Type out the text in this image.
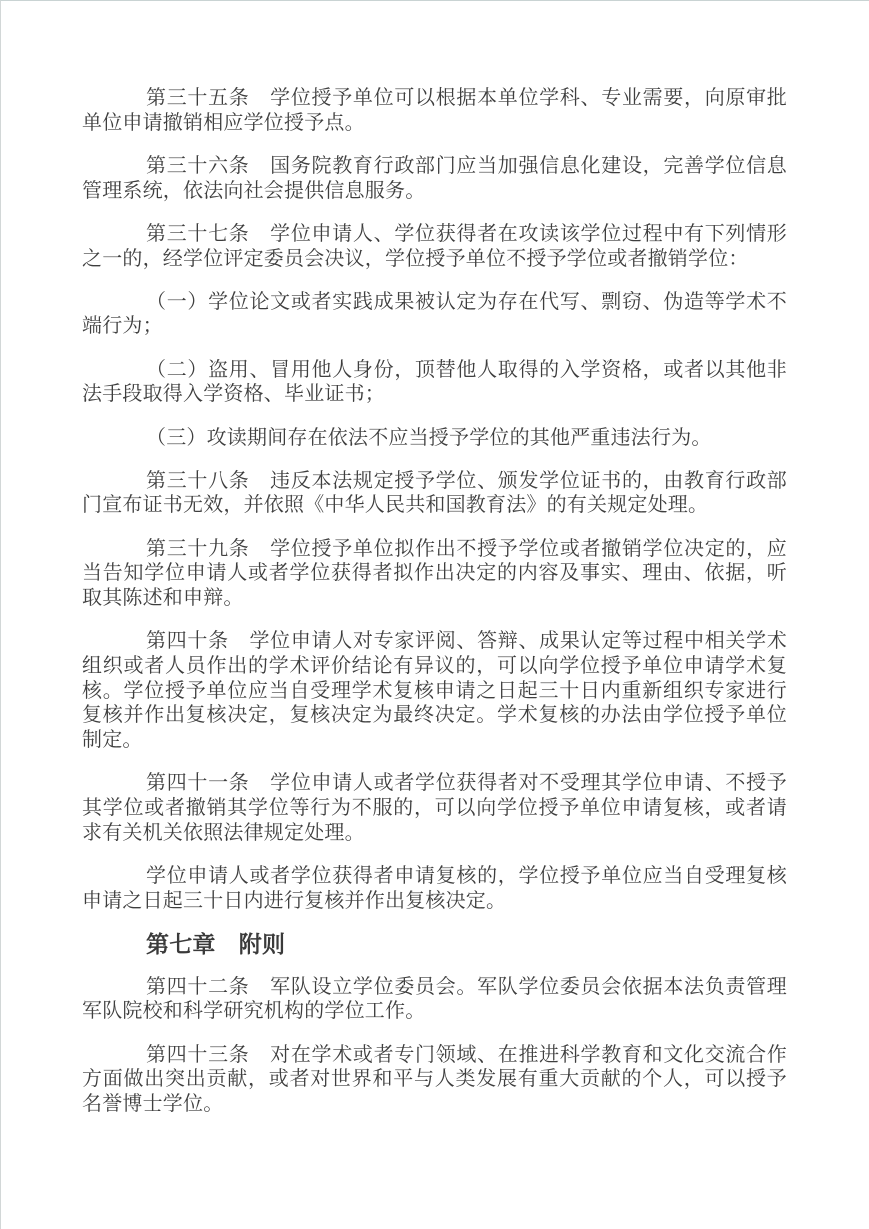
第三十五条　学位授予单位可以根据本单位学科、专业需要，向原审批单位申请撤销相应学位授予点。

第三十六条　国务院教育行政部门应当加强信息化建设，完善学位信息管理系统，依法向社会提供信息服务。

第三十七条　学位申请人、学位获得者在攻读该学位过程中有下列情形之一的，经学位评定委员会决议，学位授予单位不授予学位或者撤销学位：

（一）学位论文或者实践成果被认定为存在代写、剽窃、伪造等学术不端行为；

（二）盗用、冒用他人身份，顶替他人取得的入学资格，或者以其他非法手段取得入学资格、毕业证书；

（三）攻读期间存在依法不应当授予学位的其他严重违法行为。

第三十八条　违反本法规定授予学位、颁发学位证书的，由教育行政部门宣布证书无效，并依照《中华人民共和国教育法》的有关规定处理。

第三十九条　学位授予单位拟作出不授予学位或者撤销学位决定的，应当告知学位申请人或者学位获得者拟作出决定的内容及事实、理由、依据，听取其陈述和申辩。

第四十条　学位申请人对专家评阅、答辩、成果认定等过程中相关学术组织或者人员作出的学术评价结论有异议的，可以向学位授予单位申请学术复核。学位授予单位应当自受理学术复核申请之日起三十日内重新组织专家进行复核并作出复核决定，复核决定为最终决定。学术复核的办法由学位授予单位制定。

第四十一条　学位申请人或者学位获得者对不受理其学位申请、不授予其学位或者撤销其学位等行为不服的，可以向学位授予单位申请复核，或者请求有关机关依照法律规定处理。

学位申请人或者学位获得者申请复核的，学位授予单位应当自受理复核申请之日起三十日内进行复核并作出复核决定。

第七章　附则

第四十二条　军队设立学位委员会。军队学位委员会依据本法负责管理军队院校和科学研究机构的学位工作。

第四十三条　对在学术或者专门领域、在推进科学教育和文化交流合作方面做出突出贡献，或者对世界和平与人类发展有重大贡献的个人，可以授予名誉博士学位。
